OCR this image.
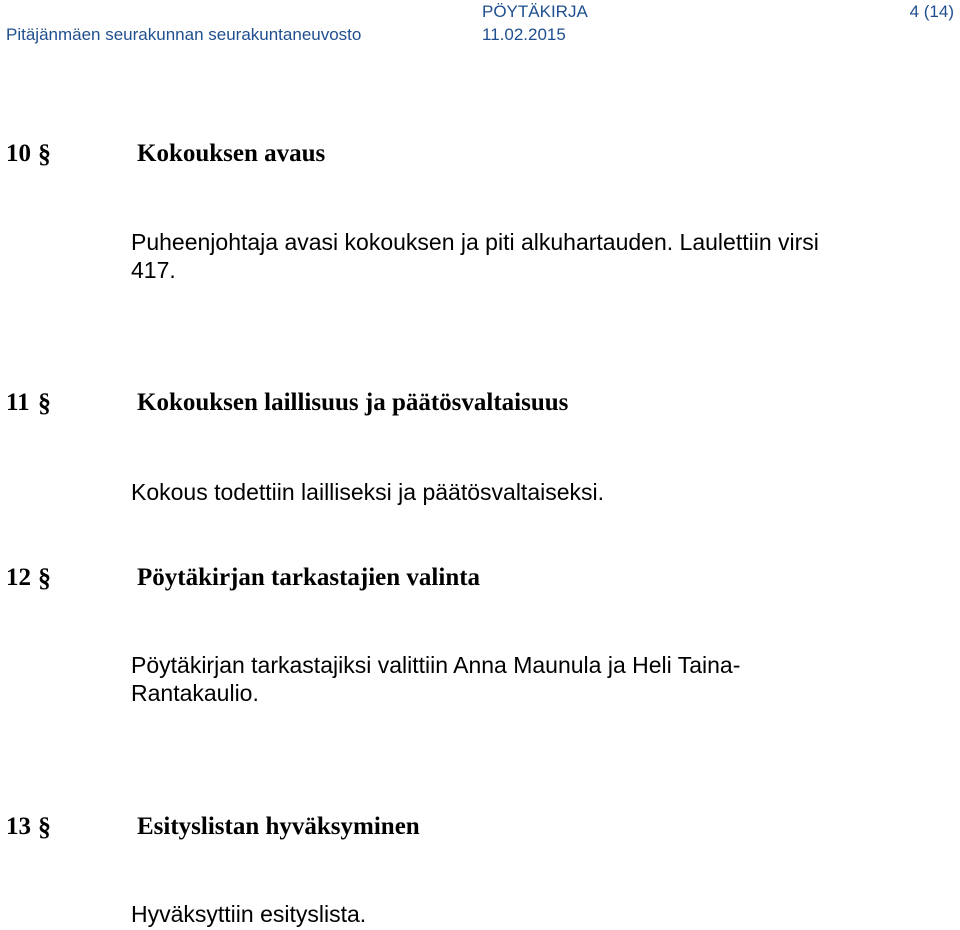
Pitäjänmäen seurakunnan seurakuntaneuvosto
PÖYTÄKIRJA
11.02.2015
4 (14)
10 §	Kokouksen avaus
Puheenjohtaja avasi kokouksen ja piti alkuhartauden. Laulettiin virsi 417.
11 §	Kokouksen laillisuus ja päätösvaltaisuus
Kokous todettiin lailliseksi ja päätösvaltaiseksi.
12 §	Pöytäkirjan tarkastajien valinta
Pöytäkirjan tarkastajiksi valittiin Anna Maunula ja Heli Taina-Rantakaulio.
13 §	Esityslistan hyväksyminen
Hyväksyttiin esityslista.
